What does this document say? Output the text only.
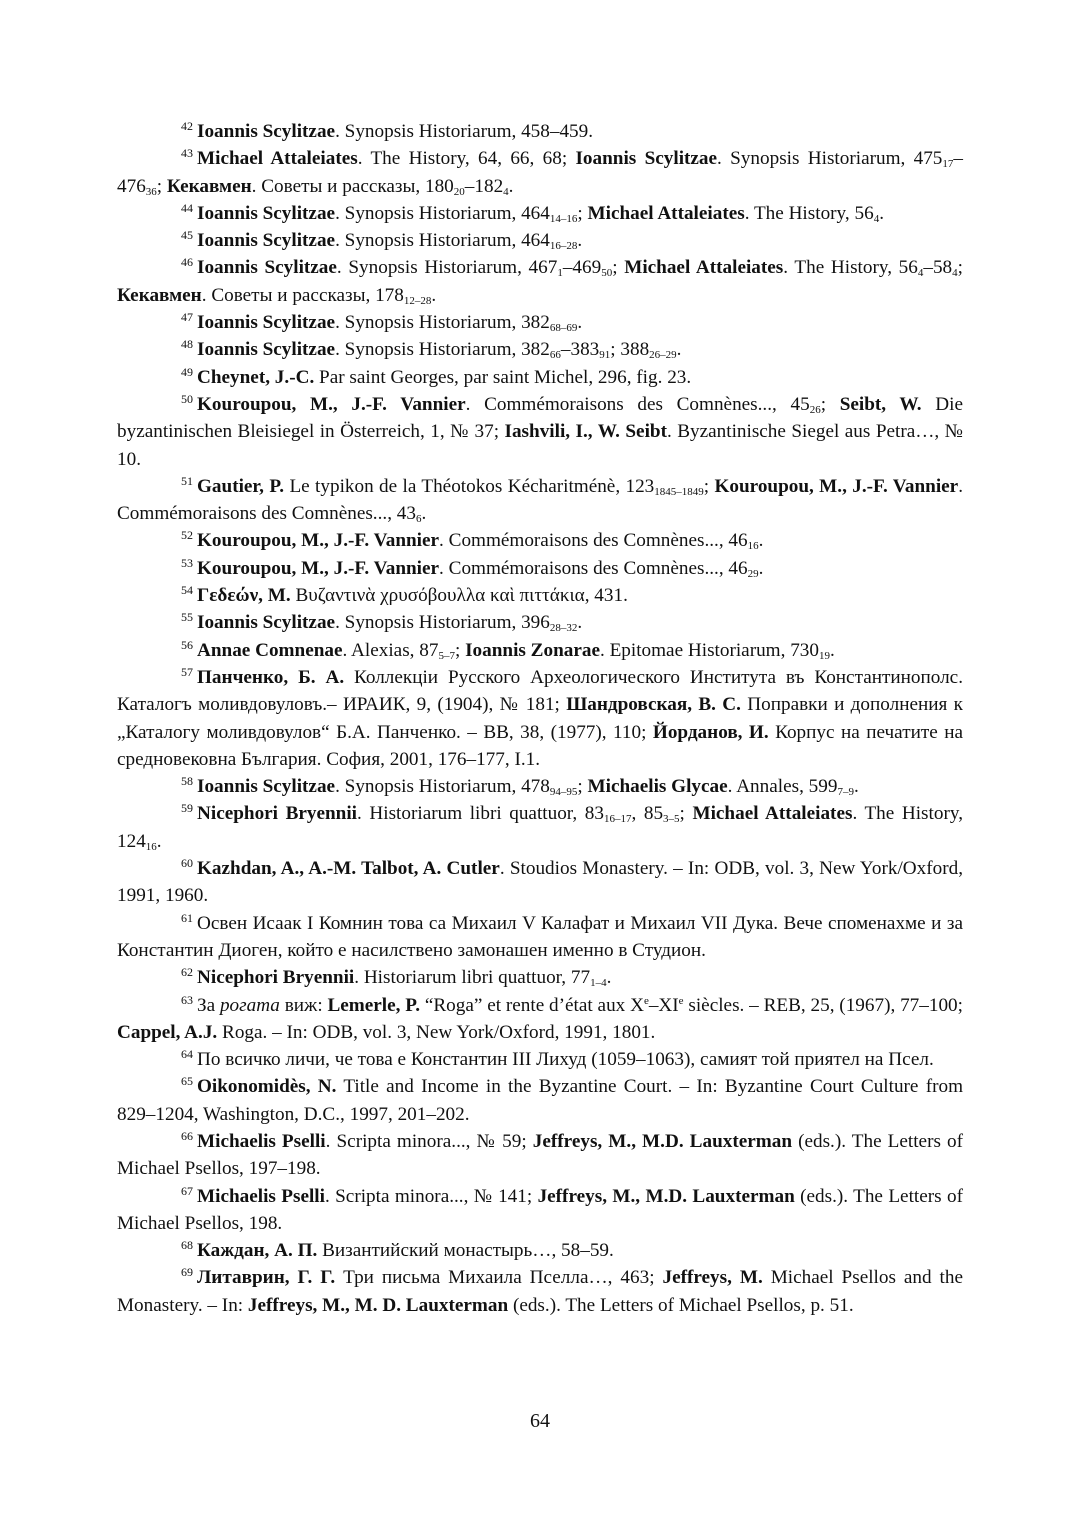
$^{42}$ Ioannis Scylitzae. Synopsis Historiarum, 458–459.

$^{43}$ Michael Attaleiates. The History, 64, 66, 68; Ioannis Scylitzae. Synopsis Historiarum, $475_{17}-476_{36}$; Кекавмен. Советы и рассказы, $180_{20}-182_4$.

$^{44}$ Ioannis Scylitzae. Synopsis Historiarum, $464_{14-16}$; Michael Attaleiates. The History, $56_4$.

$^{45}$ Ioannis Scylitzae. Synopsis Historiarum, $464_{16-28}$.

$^{46}$ Ioannis Scylitzae. Synopsis Historiarum, $467_1-469_{50}$; Michael Attaleiates. The History, $56_4-58_4$; Кекавмен. Советы и рассказы, $178_{12-28}$.

$^{47}$ Ioannis Scylitzae. Synopsis Historiarum, $382_{68-69}$.

$^{48}$ Ioannis Scylitzae. Synopsis Historiarum, $382_{66}-383_{91}$; $388_{26-29}$.

$^{49}$ Cheynet, J.-C. Par saint Georges, par saint Michel, 296, fig. 23.

$^{50}$ Kouroupou, M., J.-F. Vannier. Commémoraisons des Comnènes..., $45_{26}$; Seibt, W. Die byzantinischen Bleisiegel in Österreich, 1, № 37; Iashvili, I., W. Seibt. Byzantinische Siegel aus Petra…, № 10.

$^{51}$ Gautier, P. Le typikon de la Théotokos Kécharitménè, $123_{1845-1849}$; Kouroupou, M., J.-F. Vannier. Commémoraisons des Comnènes..., $43_6$.

$^{52}$ Kouroupou, M., J.-F. Vannier. Commémoraisons des Comnènes..., $46_{16}$.

$^{53}$ Kouroupou, M., J.-F. Vannier. Commémoraisons des Comnènes..., $46_{29}$.

$^{54}$ Γεδεών, Μ. Βυζαντινὰ χρυσόβουλλα καὶ πιττάκια, 431.

$^{55}$ Ioannis Scylitzae. Synopsis Historiarum, $396_{28-32}$.

$^{56}$ Annae Comnenae. Alexias, $87_{5-7}$; Ioannis Zonarae. Epitomae Historiarum, $730_{19}$.

$^{57}$ Панченко, Б. А. Коллекціи Русского Археологического Института въ Константинополс. Каталогъ моливдовуловъ.– ИРАИК, 9, (1904), № 181; Шандровская, В. С. Поправки и дополнения к „Каталогу моливдовулов“ Б.А. Панченко. – ВВ, 38, (1977), 110; Йорданов, И. Корпус на печатите на средновековна България. София, 2001, 176–177, I.1.

$^{58}$ Ioannis Scylitzae. Synopsis Historiarum, $478_{94-95}$; Michaelis Glycae. Annales, $599_{7-9}$.

$^{59}$ Nicephori Bryennii. Historiarum libri quattuor, $83_{16-17}$, $85_{3-5}$; Michael Attaleiates. The History, $124_{16}$.

$^{60}$ Kazhdan, A., A.-M. Talbot, A. Cutler. Stoudios Monastery. – In: ODB, vol. 3, New York/Oxford, 1991, 1960.

$^{61}$ Освен Исаак I Комнин това са Михаил V Калафат и Михаил VII Дука. Вече споменахме и за Константин Диоген, който е насилствено замонашен именно в Студион.

$^{62}$ Nicephori Bryennii. Historiarum libri quattuor, $77_{1-4}$.

$^{63}$ За рогата виж: Lemerle, P. “Roga” et rente d’état aux Xe–XIe siècles. – REB, 25, (1967), 77–100; Cappel, A.J. Roga. – In: ODB, vol. 3, New York/Oxford, 1991, 1801.

$^{64}$ По всичко личи, че това е Константин III Лихуд (1059–1063), самият той приятел на Псел.

$^{65}$ Oikonomidès, N. Title and Income in the Byzantine Court. – In: Byzantine Court Culture from 829–1204, Washington, D.C., 1997, 201–202.

$^{66}$ Michaelis Pselli. Scripta minora..., № 59; Jeffreys, M., M.D. Lauxterman (eds.). The Letters of Michael Psellos, 197–198.

$^{67}$ Michaelis Pselli. Scripta minora..., № 141; Jeffreys, M., M.D. Lauxterman (eds.). The Letters of Michael Psellos, 198.

$^{68}$ Каждан, А. П. Византийский монастырь…, 58–59.

$^{69}$ Литаврин, Г. Г. Три письма Михаила Пселла…, 463; Jeffreys, M. Michael Psellos and the Monastery. – In: Jeffreys, M., M. D. Lauxterman (eds.). The Letters of Michael Psellos, p. 51.

64
